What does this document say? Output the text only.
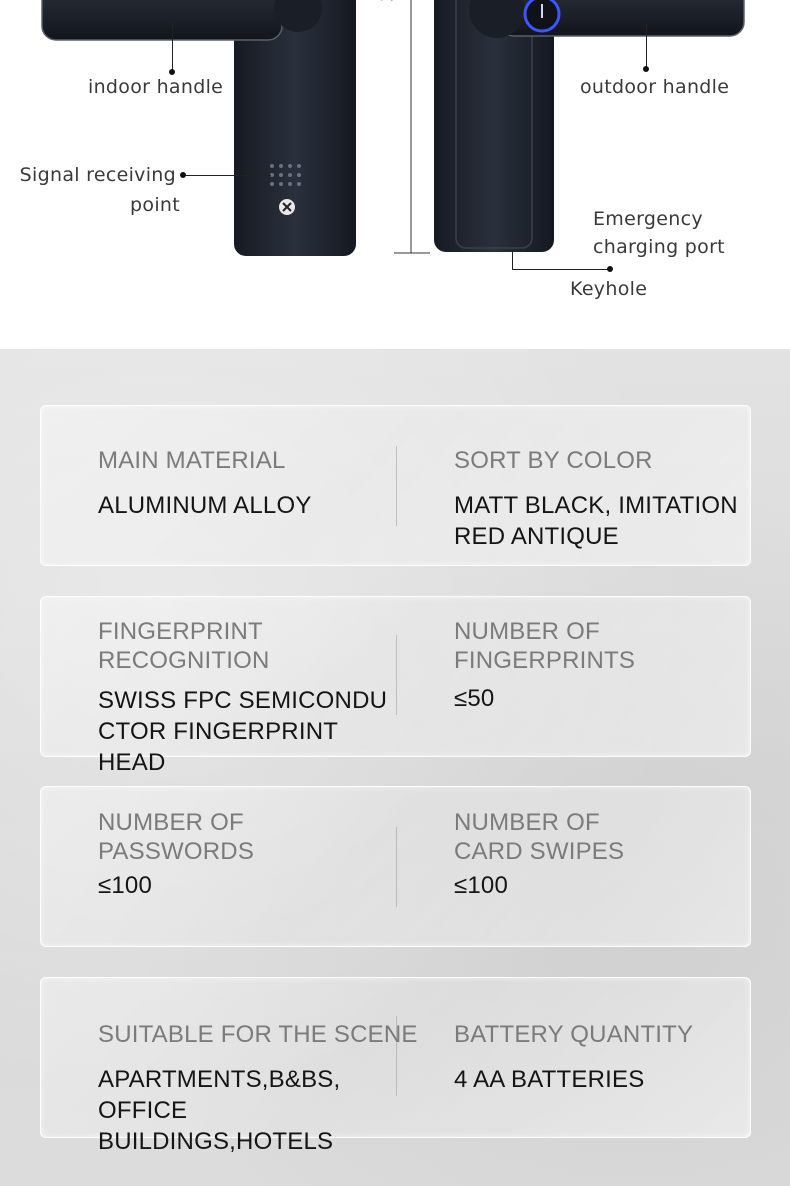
indoor handle	outdoor handle
Signal receiving
point
Emergency
charging port
Keyhole
MAIN MATERIAL
ALUMINUM ALLOY
SORT BY COLOR
MATT BLACK, IMITATION
RED ANTIQUE
FINGERPRINT
RECOGNITION
SWISS FPC SEMICONDU
CTOR FINGERPRINT HEAD
NUMBER OF
FINGERPRINTS
≤50
NUMBER OF
PASSWORDS
≤100
NUMBER OF
CARD SWIPES
≤100
SUITABLE FOR THE SCENE
APARTMENTS,B&BS,
OFFICE BUILDINGS,HOTELS
BATTERY QUANTITY
4 AA BATTERIES
